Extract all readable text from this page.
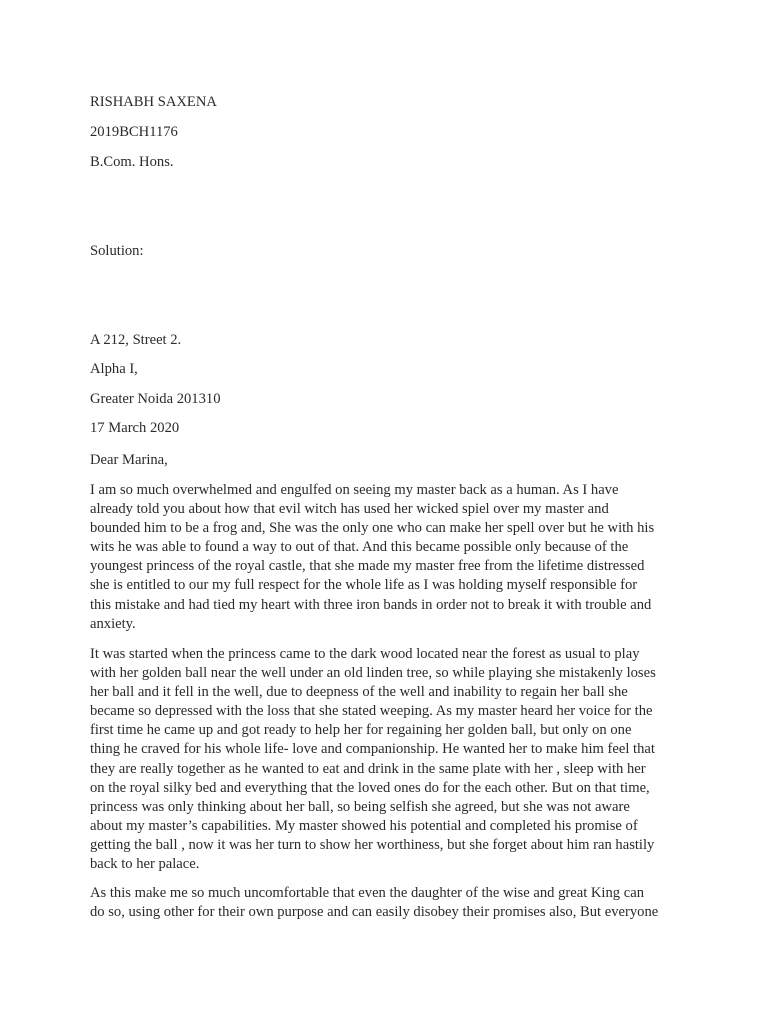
RISHABH SAXENA

2019BCH1176

B.Com. Hons.

Solution:

A 212, Street 2.

Alpha I,

Greater Noida 201310

17 March 2020

Dear Marina,

I am so much overwhelmed and engulfed on seeing my master back as a human. As I have
already told you about how that evil witch has used her wicked spiel over my master and
bounded him to be a frog and, She was the only one who can make her spell over but he with his
wits he was able to found a way to out of that. And this became possible only because of the
youngest princess of the royal castle, that she made my master free from the lifetime distressed
she is entitled to our my full respect for the whole life as I was holding myself responsible for
this mistake and had tied my heart with three iron bands in order not to break it with trouble and
anxiety.
It was started when the princess came to the dark wood located near the forest as usual to play
with her golden ball near the well under an old linden tree, so while playing she mistakenly loses
her ball and it fell in the well, due to deepness of the well and inability to regain her ball she
became so depressed with the loss that she stated weeping. As my master heard her voice for the
first time he came up and got ready to help her for regaining her golden ball, but only on one
thing he craved for his whole life- love and companionship. He wanted her to make him feel that
they are really together as he wanted to eat and drink in the same plate with her , sleep with her
on the royal silky bed and everything that the loved ones do for the each other. But on that time,
princess was only thinking about her ball, so being selfish she agreed, but she was not aware
about my master’s capabilities. My master showed his potential and completed his promise of
getting the ball , now it was her turn to show her worthiness, but she forget about him ran hastily
back to her palace.
As this make me so much uncomfortable that even the daughter of the wise and great King can
do so, using other for their own purpose and can easily disobey their promises also, But everyone
